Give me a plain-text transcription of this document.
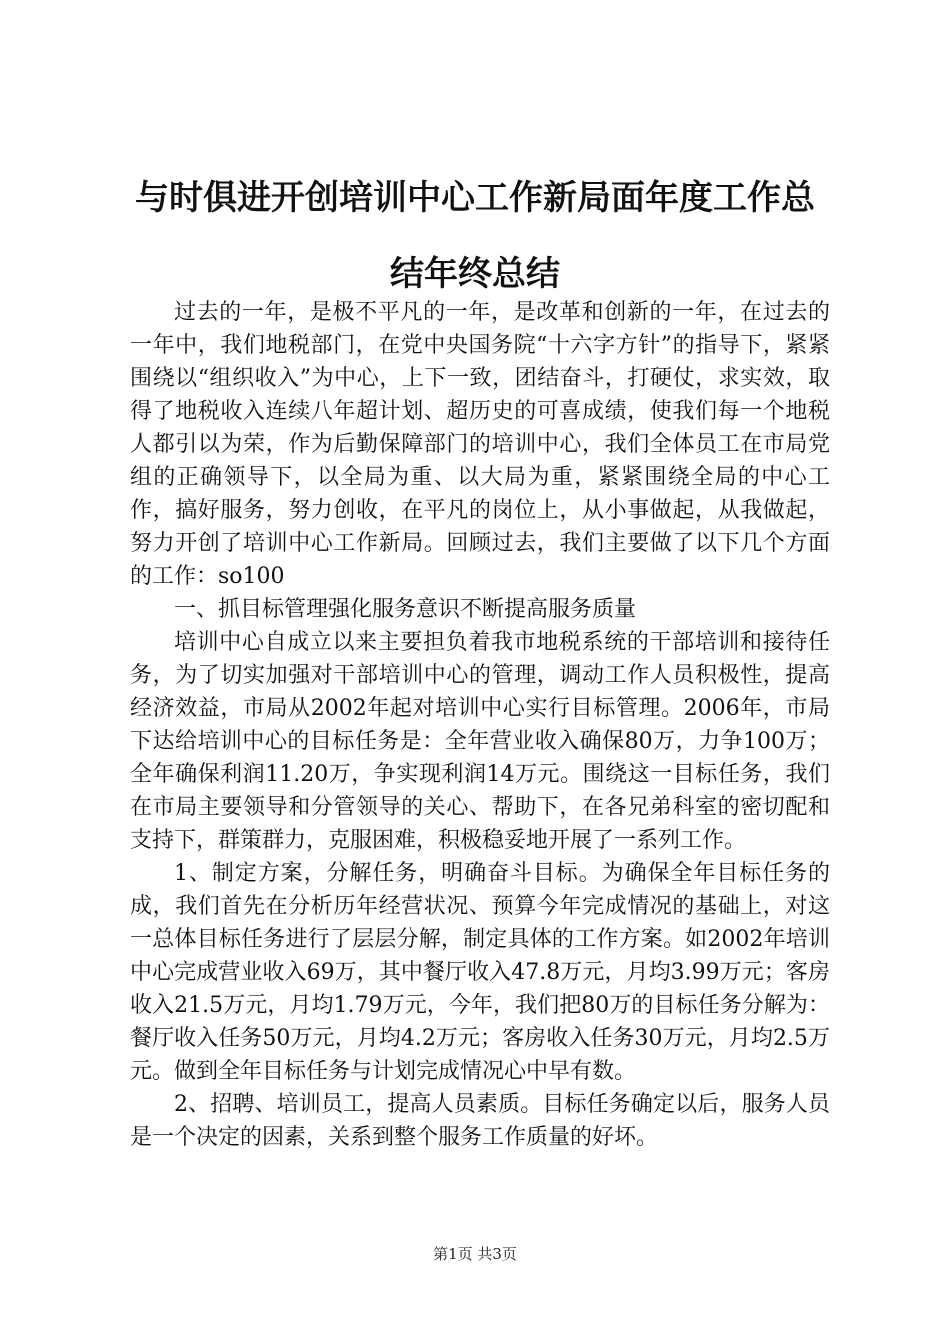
与时俱进开创培训中心工作新局面年度工作总结年终总结

过去的一年，是极不平凡的一年，是改革和创新的一年，在过去的一年中，我们地税部门，在党中央国务院“十六字方针”的指导下，紧紧围绕以“组织收入”为中心，上下一致，团结奋斗，打硬仗，求实效，取得了地税收入连续八年超计划、超历史的可喜成绩，使我们每一个地税人都引以为荣，作为后勤保障部门的培训中心，我们全体员工在市局党组的正确领导下，以全局为重、以大局为重，紧紧围绕全局的中心工作，搞好服务，努力创收，在平凡的岗位上，从小事做起，从我做起，努力开创了培训中心工作新局。回顾过去，我们主要做了以下几个方面的工作：so100

一、抓目标管理强化服务意识不断提高服务质量

培训中心自成立以来主要担负着我市地税系统的干部培训和接待任务，为了切实加强对干部培训中心的管理，调动工作人员积极性，提高经济效益，市局从2002年起对培训中心实行目标管理。2006年，市局下达给培训中心的目标任务是：全年营业收入确保80万，力争100万；全年确保利润11.20万，争实现利润14万元。围绕这一目标任务，我们在市局主要领导和分管领导的关心、帮助下，在各兄弟科室的密切配和支持下，群策群力，克服困难，积极稳妥地开展了一系列工作。

1、制定方案，分解任务，明确奋斗目标。为确保全年目标任务的成，我们首先在分析历年经营状况、预算今年完成情况的基础上，对这一总体目标任务进行了层层分解，制定具体的工作方案。如2002年培训中心完成营业收入69万，其中餐厅收入47.8万元，月均3.99万元；客房收入21.5万元，月均1.79万元，今年，我们把80万的目标任务分解为：餐厅收入任务50万元，月均4.2万元；客房收入任务30万元，月均2.5万元。做到全年目标任务与计划完成情况心中早有数。

2、招聘、培训员工，提高人员素质。目标任务确定以后，服务人员是一个决定的因素，关系到整个服务工作质量的好坏。

第1页 共3页
